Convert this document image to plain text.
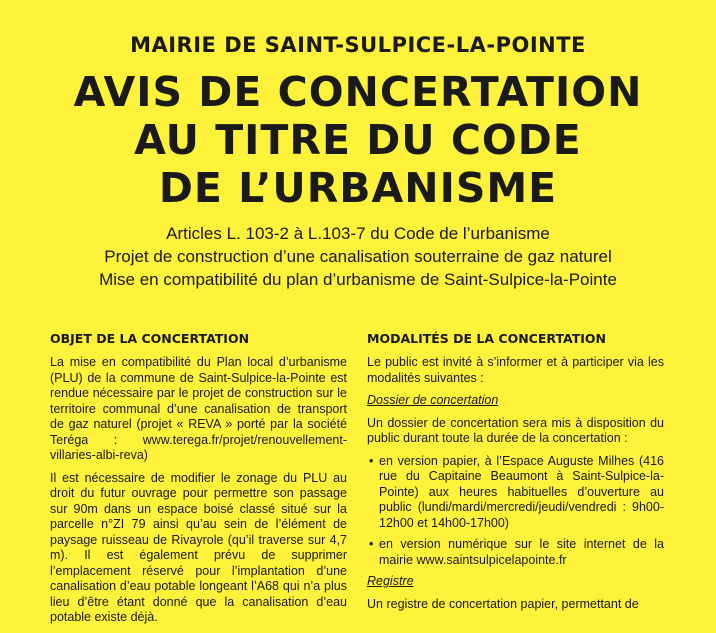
MAIRIE DE SAINT-SULPICE-LA-POINTE

AVIS DE CONCERTATION
AU TITRE DU CODE
DE L’URBANISME

Articles L. 103-2 à L.103-7 du Code de l’urbanisme

Projet de construction d’une canalisation souterraine de gaz naturel

Mise en compatibilité du plan d’urbanisme de Saint-Sulpice-la-Pointe

OBJET DE LA CONCERTATION

La mise en compatibilité du Plan local d’urbanisme (PLU) de la commune de Saint-Sulpice-la-Pointe est rendue nécessaire par le projet de construction sur le territoire communal d’une canalisation de transport de gaz naturel (projet « REVA » porté par la société Teréga : www.terega.fr/projet/renouvellement-villaries-albi-reva)

Il est nécessaire de modifier le zonage du PLU au droit du futur ouvrage pour permettre son passage sur 90m dans un espace boisé classé situé sur la parcelle n°ZI 79 ainsi qu’au sein de l’élément de paysage ruisseau de Rivayrole (qu’il traverse sur 4,7 m). Il est également prévu de supprimer l’emplacement réservé pour l’implantation d’une canalisation d’eau potable longeant l’A68 qui n’a plus lieu d’être étant donné que la canalisation d’eau potable existe déjà.

MODALITÉS DE LA CONCERTATION

Le public est invité à s’informer et à participer via les modalités suivantes :

Dossier de concertation

Un dossier de concertation sera mis à disposition du public durant toute la durée de la concertation :

• en version papier, à l’Espace Auguste Milhes (416 rue du Capitaine Beaumont à Saint-Sulpice-la-Pointe) aux heures habituelles d’ouverture au public (lundi/mardi/mercredi/jeudi/vendredi : 9h00-12h00 et 14h00-17h00)
• en version numérique sur le site internet de la mairie www.saintsulpicelapointe.fr

Registre

Un registre de concertation papier, permettant de
